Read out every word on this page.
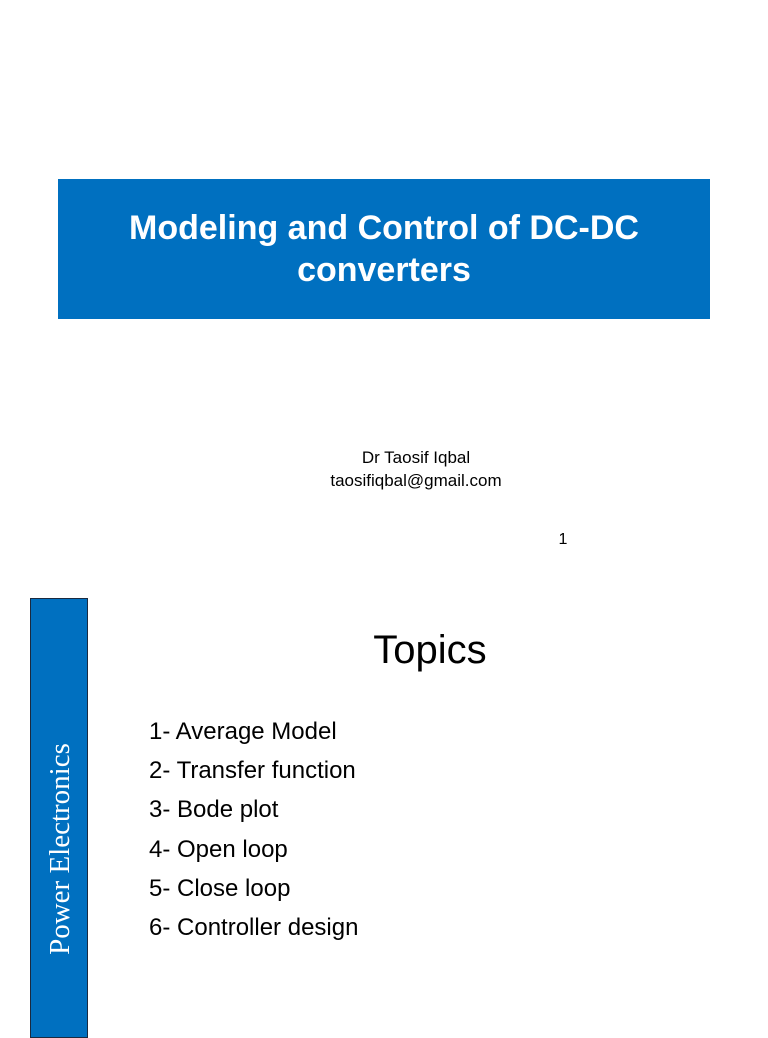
Modeling and Control of DC-DC converters
Dr Taosif Iqbal
taosifiqbal@gmail.com
1
Power Electronics
Topics
1- Average Model
2- Transfer function
3- Bode plot
4- Open loop
5- Close loop
6- Controller design
